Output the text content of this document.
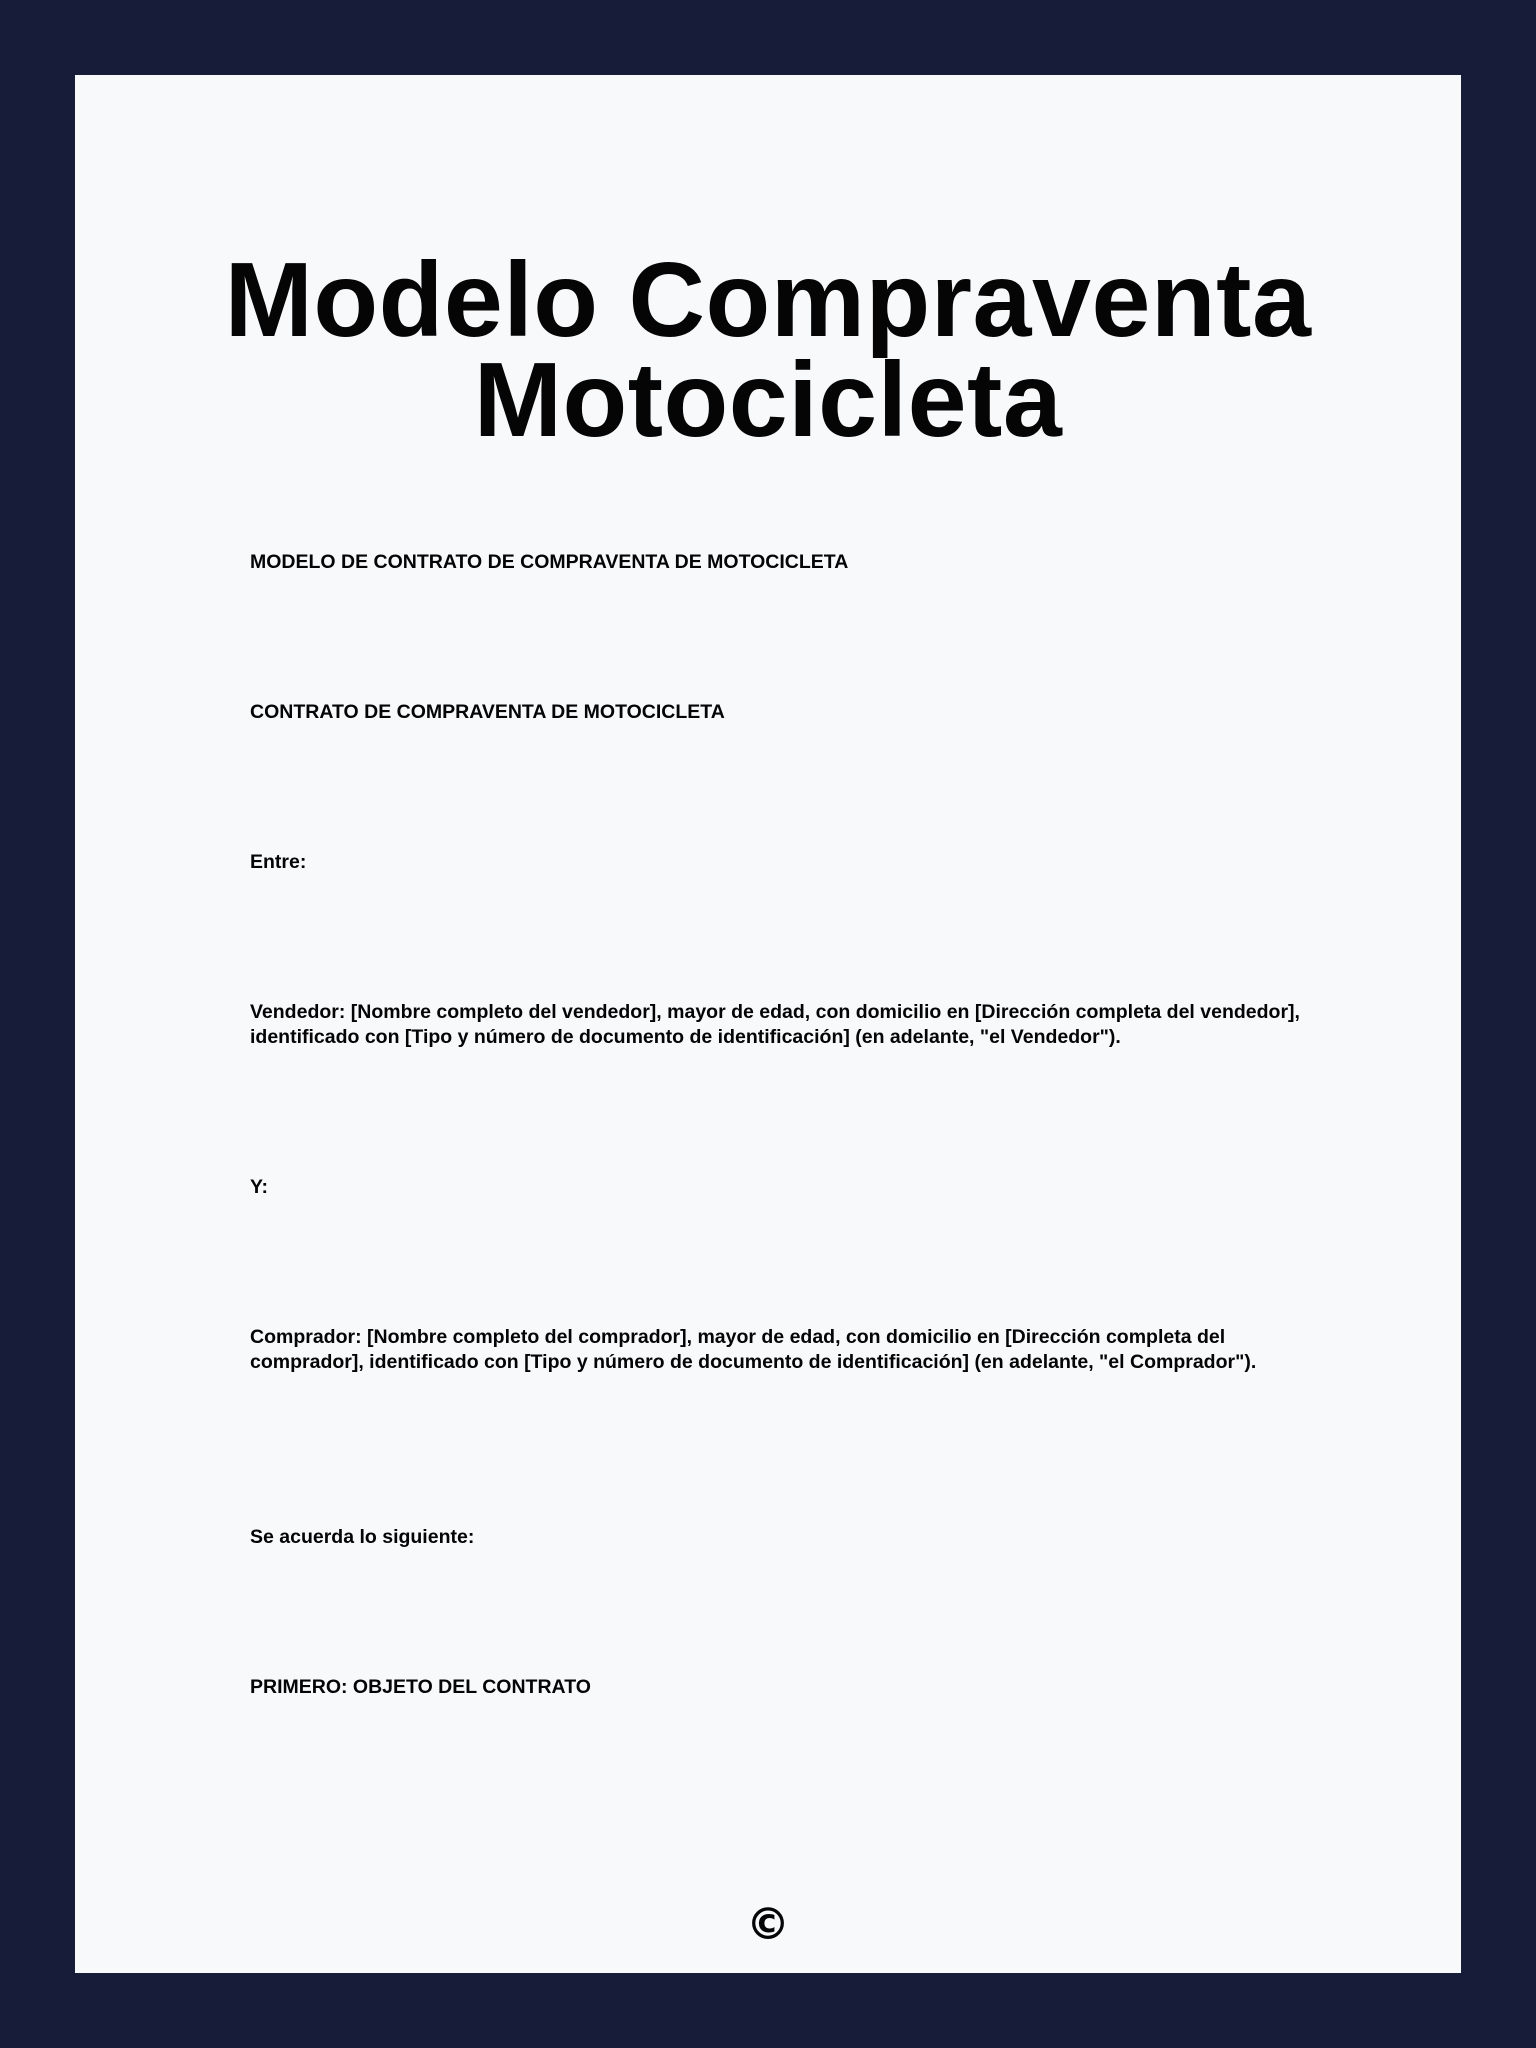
Modelo Compraventa
Motocicleta

MODELO DE CONTRATO DE COMPRAVENTA DE MOTOCICLETA

CONTRATO DE COMPRAVENTA DE MOTOCICLETA

Entre:

Vendedor: [Nombre completo del vendedor], mayor de edad, con domicilio en [Dirección completa del vendedor], identificado con [Tipo y número de documento de identificación] (en adelante, "el Vendedor").

Y:

Comprador: [Nombre completo del comprador], mayor de edad, con domicilio en [Dirección completa del comprador], identificado con [Tipo y número de documento de identificación] (en adelante, "el Comprador").

Se acuerda lo siguiente:

PRIMERO: OBJETO DEL CONTRATO

©
